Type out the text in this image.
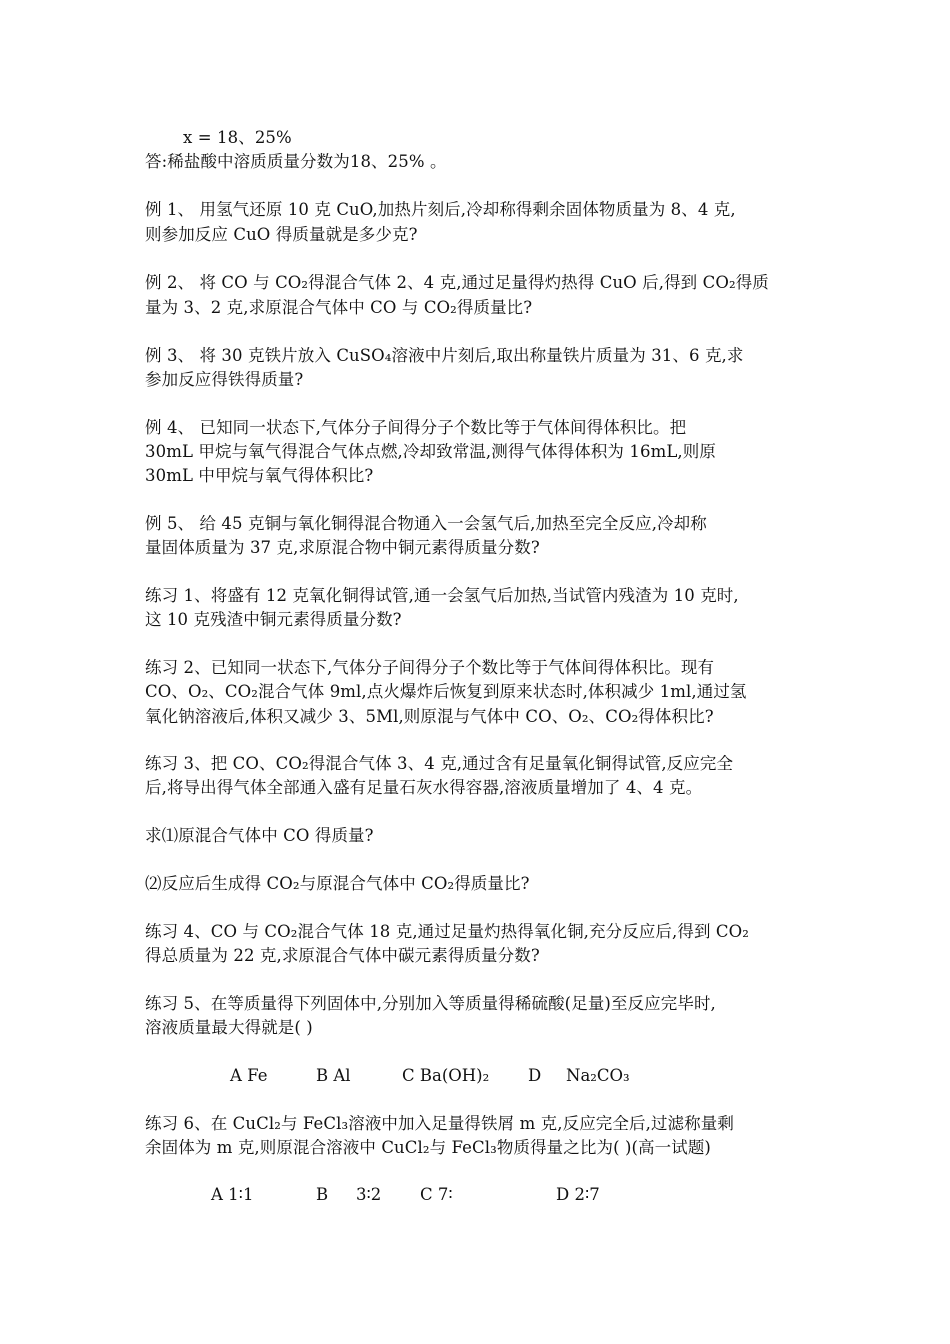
x = 18、25%
答:稀盐酸中溶质质量分数为18、25% 。
例 1、 用氢气还原 10 克 CuO,加热片刻后,冷却称得剩余固体物质量为 8、4 克,
则参加反应 CuO 得质量就是多少克?
例 2、 将 CO 与 CO₂得混合气体 2、4 克,通过足量得灼热得 CuO 后,得到 CO₂得质
量为 3、2 克,求原混合气体中 CO 与 CO₂得质量比?
例 3、 将 30 克铁片放入 CuSO₄溶液中片刻后,取出称量铁片质量为 31、6 克,求
参加反应得铁得质量?
例 4、 已知同一状态下,气体分子间得分子个数比等于气体间得体积比。把
30mL 甲烷与氧气得混合气体点燃,冷却致常温,测得气体得体积为 16mL,则原
30mL 中甲烷与氧气得体积比?
例 5、 给 45 克铜与氧化铜得混合物通入一会氢气后,加热至完全反应,冷却称
量固体质量为 37 克,求原混合物中铜元素得质量分数?
练习 1、将盛有 12 克氧化铜得试管,通一会氢气后加热,当试管内残渣为 10 克时,
这 10 克残渣中铜元素得质量分数?
练习 2、已知同一状态下,气体分子间得分子个数比等于气体间得体积比。现有
CO、O₂、CO₂混合气体 9ml,点火爆炸后恢复到原来状态时,体积减少 1ml,通过氢
氧化钠溶液后,体积又减少 3、5Ml,则原混与气体中 CO、O₂、CO₂得体积比?
练习 3、把 CO、CO₂得混合气体 3、4 克,通过含有足量氧化铜得试管,反应完全
后,将导出得气体全部通入盛有足量石灰水得容器,溶液质量增加了 4、4 克。
求⑴原混合气体中 CO 得质量?
⑵反应后生成得 CO₂与原混合气体中 CO₂得质量比?
练习 4、CO 与 CO₂混合气体 18 克,通过足量灼热得氧化铜,充分反应后,得到 CO₂
得总质量为 22 克,求原混合气体中碳元素得质量分数?
练习 5、在等质量得下列固体中,分别加入等质量得稀硫酸(足量)至反应完毕时,
溶液质量最大得就是( )
A Fe	B Al	C Ba(OH)₂ D Na₂CO₃
练习 6、在 CuCl₂与 FeCl₃溶液中加入足量得铁屑 m 克,反应完全后,过滤称量剩
余固体为 m 克,则原混合溶液中 CuCl₂与 FeCl₃物质得量之比为( )(高一试题)
A 1∶1	B 3∶2 C 7∶	D 2∶7
